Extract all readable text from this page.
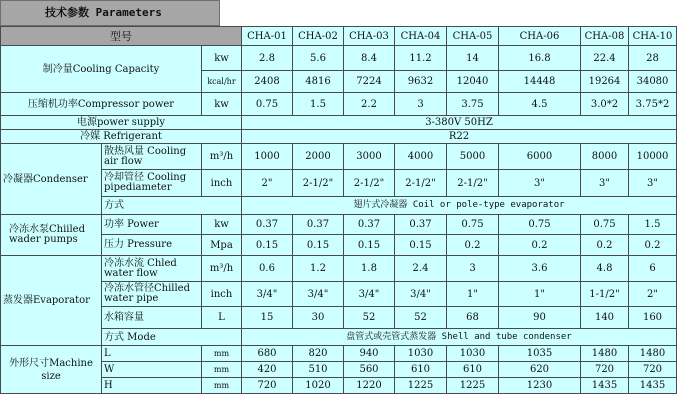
技术参数 Parameters
型号			CHA-01	CHA-02	CHA-03	CHA-04	CHA-05	CHA-06	CHA-08	CHA-10
制冷量Cooling Capacity		kw	2.8	5.6	8.4	11.2	14	16.8	22.4	28
		kcal/hr	2408	4816	7224	9632	12040	14448	19264	34080
压缩机功率Compressor power		kw	0.75	1.5	2.2	3	3.75	4.5	3.0*2	3.75*2
电源power supply			3-380V 50HZ							
冷媒 Refrigerant			R22							
冷凝器Condenser	散热风量 Cooling air flow	m³/h	1000	2000	3000	4000	5000	6000	8000	10000
	冷却管径 Cooling pipediameter	inch	2"	2-1/2"	2-1/2"	2-1/2"	2-1/2"	3"	3"	3"
	方式		翅片式冷凝器 Coil or pole-type evaporator							
冷冻水泵Chiiled wader pumps	功率 Power	kw	0.37	0.37	0.37	0.37	0.75	0.75	0.75	1.5
	压力 Pressure	Mpa	0.15	0.15	0.15	0.15	0.2	0.2	0.2	0.2
蒸发器Evaporator	冷冻水流 Chled water flow	m³/h	0.6	1.2	1.8	2.4	3	3.6	4.8	6
	冷冻水管径Chilled water pipe	inch	3/4"	3/4"	3/4"	3/4"	1"	1"	1-1/2"	2"
	水箱容量	L	15	30	52	52	68	90	140	160
	方式 Mode		盘管式或壳管式蒸发器 Shell and tube condenser							
外形尺寸Machine size	L	mm	680	820	940	1030	1030	1035	1480	1480
	W	mm	420	510	560	610	610	620	720	720
	H	mm	720	1020	1220	1225	1225	1230	1435	1435
